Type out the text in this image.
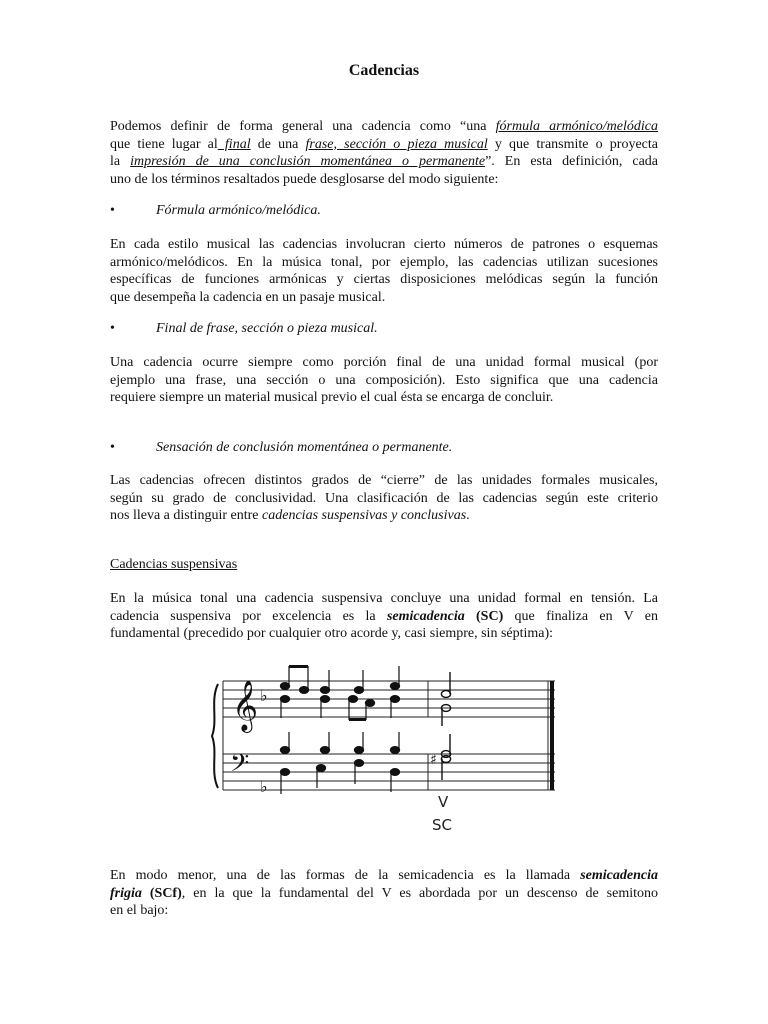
Cadencias
Podemos definir de forma general una cadencia como “una fórmula armónico/melódica
que tiene lugar al final de una frase, sección o pieza musical y que transmite o proyecta
la impresión de una conclusión momentánea o permanente”. En esta definición, cada
uno de los términos resaltados puede desglosarse del modo siguiente:
•	Fórmula armónico/melódica.
En cada estilo musical las cadencias involucran cierto números de patrones o esquemas
armónico/melódicos. En la música tonal, por ejemplo, las cadencias utilizan sucesiones
específicas de funciones armónicas y ciertas disposiciones melódicas según la función
que desempeña la cadencia en un pasaje musical.
•	Final de frase, sección o pieza musical.
Una cadencia ocurre siempre como porción final de una unidad formal musical (por
ejemplo una frase, una sección o una composición). Esto significa que una cadencia
requiere siempre un material musical previo el cual ésta se encarga de concluir.
•	Sensación de conclusión momentánea o permanente.
Las cadencias ofrecen distintos grados de “cierre” de las unidades formales musicales,
según su grado de conclusividad. Una clasificación de las cadencias según este criterio
nos lleva a distinguir entre cadencias suspensivas y conclusivas.
Cadencias suspensivas
En la música tonal una cadencia suspensiva concluye una unidad formal en tensión. La
cadencia suspensiva por excelencia es la semicadencia (SC) que finaliza en V en
fundamental (precedido por cualquier otro acorde y, casi siempre, sin séptima):
En modo menor, una de las formas de la semicadencia es la llamada semicadencia
frigia (SCf), en la que la fundamental del V es abordada por un descenso de semitono
en el bajo:
𝄞
𝄢
♭
♭
♯
V
SC
